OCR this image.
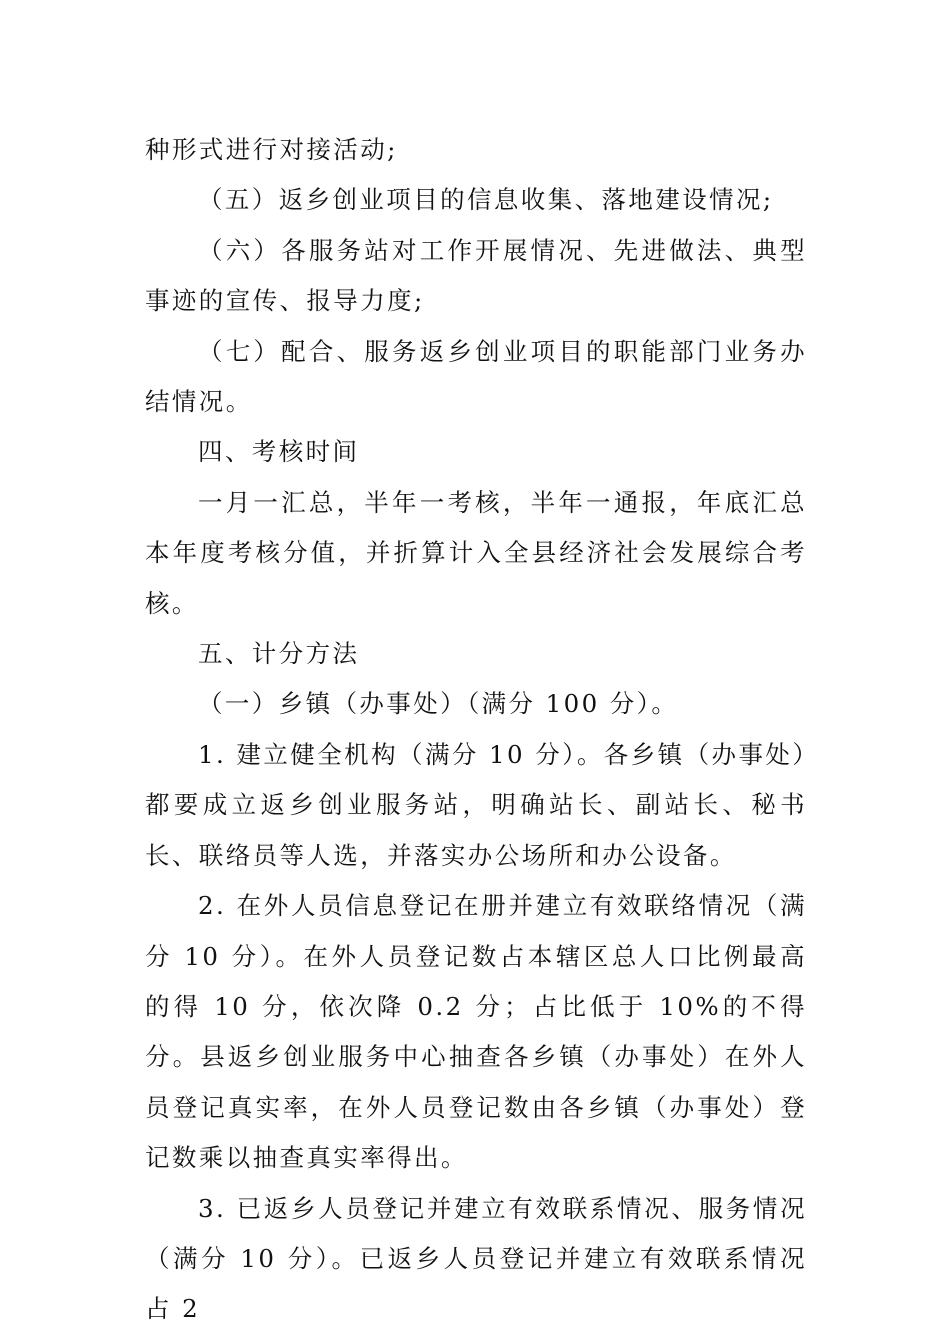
种形式进行对接活动;

（五）返乡创业项目的信息收集、落地建设情况;

（六）各服务站对工作开展情况、先进做法、典型事迹的宣传、报导力度;

（七）配合、服务返乡创业项目的职能部门业务办结情况。

四、考核时间

一月一汇总，半年一考核，半年一通报，年底汇总本年度考核分值，并折算计入全县经济社会发展综合考核。

五、计分方法

（一）乡镇（办事处）（满分 100 分）。

1. 建立健全机构（满分 10 分）。各乡镇（办事处）都要成立返乡创业服务站，明确站长、副站长、秘书长、联络员等人选，并落实办公场所和办公设备。

2. 在外人员信息登记在册并建立有效联络情况（满分 10 分）。在外人员登记数占本辖区总人口比例最高的得 10 分，依次降 0.2 分；占比低于 10%的不得分。县返乡创业服务中心抽查各乡镇（办事处）在外人员登记真实率，在外人员登记数由各乡镇（办事处）登记数乘以抽查真实率得出。

3. 已返乡人员登记并建立有效联系情况、服务情况（满分 10 分）。已返乡人员登记并建立有效联系情况占 2
